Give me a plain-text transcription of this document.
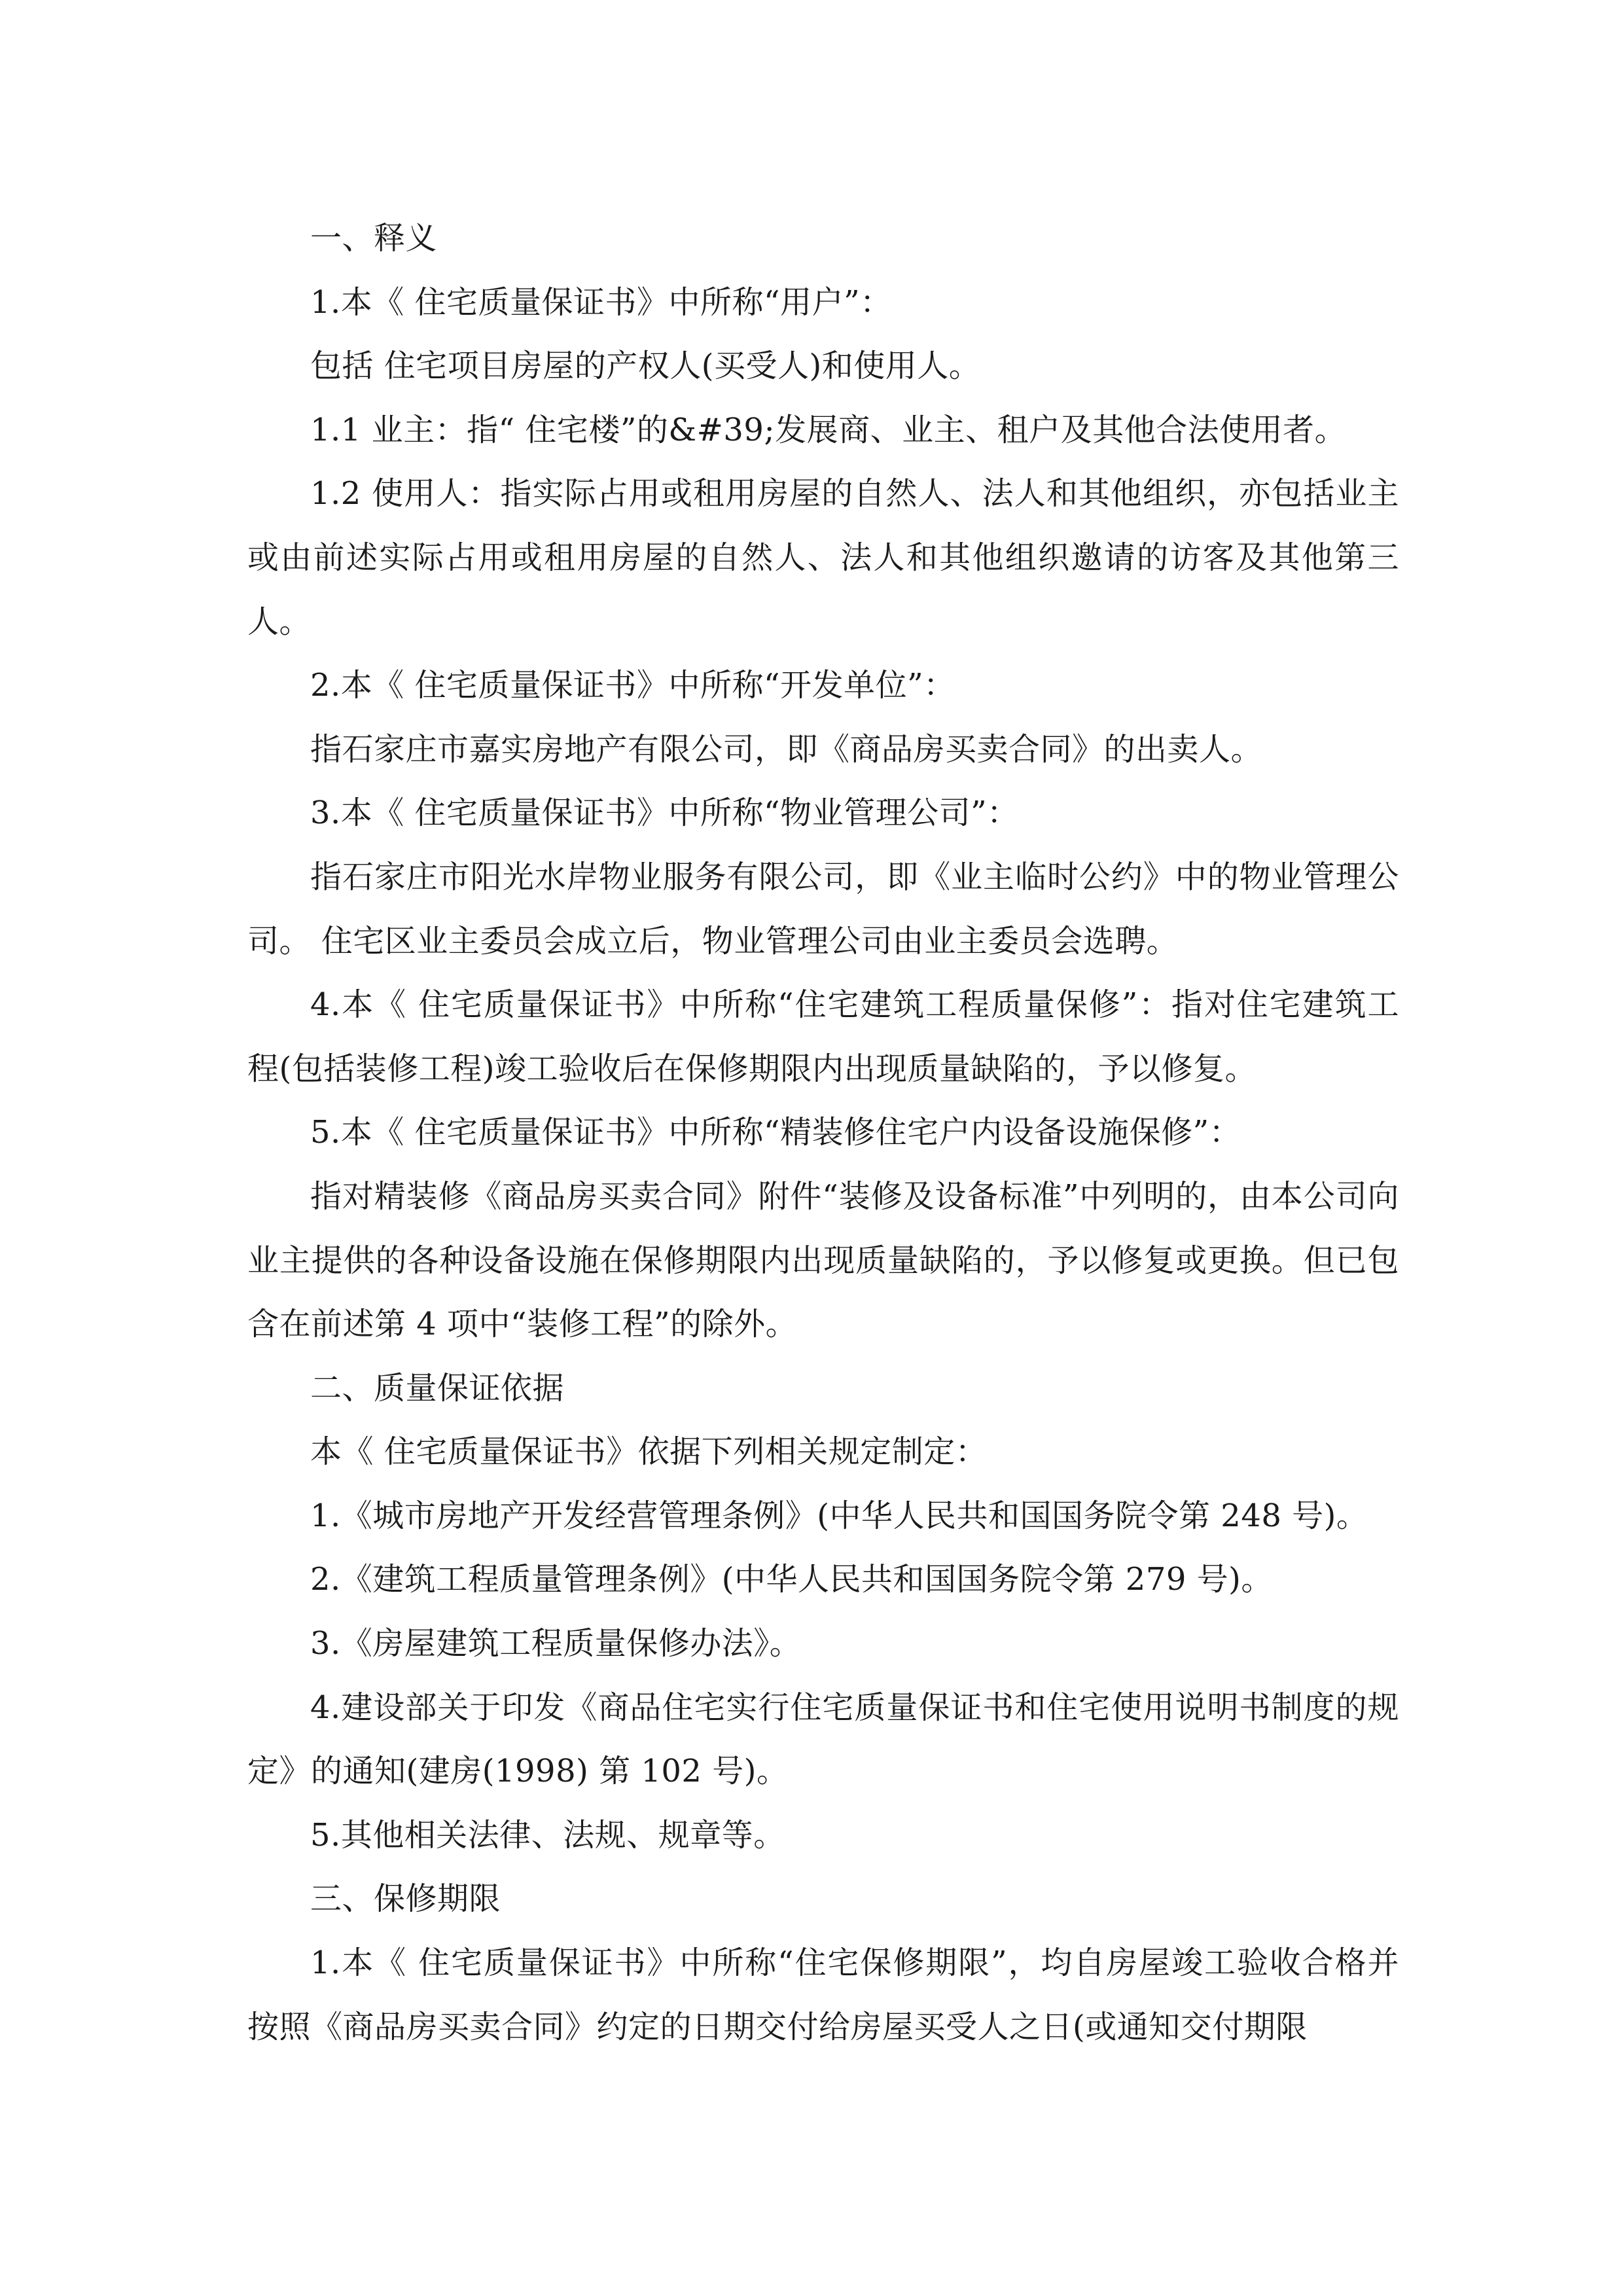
一、释义

1.本《 住宅质量保证书》中所称“用户”：

包括 住宅项目房屋的产权人(买受人)和使用人。

1.1 业主：指“ 住宅楼”的&#39;发展商、业主、租户及其他合法使用者。

1.2 使用人：指实际占用或租用房屋的自然人、法人和其他组织，亦包括业主或由前述实际占用或租用房屋的自然人、法人和其他组织邀请的访客及其他第三人。

2.本《 住宅质量保证书》中所称“开发单位”：

指石家庄市嘉实房地产有限公司，即《商品房买卖合同》的出卖人。

3.本《 住宅质量保证书》中所称“物业管理公司”：

指石家庄市阳光水岸物业服务有限公司，即《业主临时公约》中的物业管理公司。 住宅区业主委员会成立后，物业管理公司由业主委员会选聘。

4.本《 住宅质量保证书》中所称“住宅建筑工程质量保修”：指对住宅建筑工程(包括装修工程)竣工验收后在保修期限内出现质量缺陷的，予以修复。

5.本《 住宅质量保证书》中所称“精装修住宅户内设备设施保修”：

指对精装修《商品房买卖合同》附件“装修及设备标准”中列明的，由本公司向业主提供的各种设备设施在保修期限内出现质量缺陷的，予以修复或更换。但已包含在前述第 4 项中“装修工程”的除外。

二、质量保证依据

本《 住宅质量保证书》依据下列相关规定制定：

1.《城市房地产开发经营管理条例》(中华人民共和国国务院令第 248 号)。

2.《建筑工程质量管理条例》(中华人民共和国国务院令第 279 号)。

3.《房屋建筑工程质量保修办法》。

4.建设部关于印发《商品住宅实行住宅质量保证书和住宅使用说明书制度的规定》的通知(建房(1998) 第 102 号)。

5.其他相关法律、法规、规章等。

三、保修期限

1.本《 住宅质量保证书》中所称“住宅保修期限”，均自房屋竣工验收合格并按照《商品房买卖合同》约定的日期交付给房屋买受人之日(或通知交付期限
